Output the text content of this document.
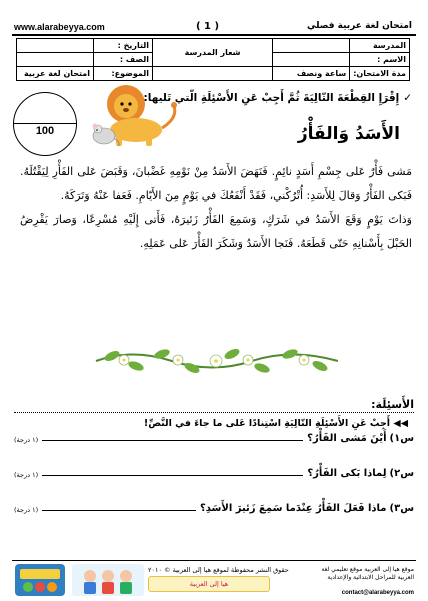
www.alarabeyya.com	( 1 )	امتحان لغة عربية فصلي
المدرسة		شعار المدرسة	التاريخ :	
الاسم :			الصف :	
مدة الامتحان:	ساعة ونصف		الموضوع:	امتحان لغة عربية
100
✓إِقْرَإِ القِطْعَةَ التّالِيَةَ ثُمَّ أَجِبْ عَنِ الأَسْئِلَةِ الّتي تَليها:
الأَسَدُ وَالفَأْرُ
مَشى فَأْرٌ عَلى جِسْمِ أَسَدٍ نائِمٍ. فَنَهَضَ الأَسَدُ مِنْ نَوْمِهِ غَضْبانَ، وَقَبَضَ عَلى الفَأْرِ لِيَقْتُلَهُ. فَبَكى الفَأْرُ وَقالَ لِلأَسَدِ: أُتْرُكْني، فَقَدْ أَنْفَعُكَ في يَوْمٍ مِنَ الأَيّامِ. فَعَفا عَنْهُ وَتَرَكَهُ.
وَذاتَ يَوْمٍ وَقَعَ الأَسَدُ في شَرَكٍ، وَسَمِعَ الفَأْرُ زَئيرَهُ، فَأَتى إِلَيْهِ مُسْرِعًا، وَصارَ يَقْرِضُ الحَبْلَ بِأَسْنانِهِ حَتّى قَطَعَهُ. فَنَجا الأَسَدُ وَشَكَرَ الفَأْرَ عَلى عَمَلِهِ.
الأَسئِلَة:
◀◀ أَجِبْ عَنِ الأَسْئِلَةِ التّالِيَةِ اسْتِنادًا عَلى ما جاءَ في النَّصِّ!
س١)
أَيْنَ مَشى الفَأْرُ؟
(١ درجة)
س٢)
لِماذا بَكى الفَأْرُ؟
(١ درجة)
س٣)
ماذا فَعَلَ الفَأْرُ عِنْدَما سَمِعَ زَئيرَ الأَسَدِ؟
(١ درجة)
حقوق النشر محفوظة لموقع هيا إلى العربية © ٢٠١٠
هيا إلى العربية
موقع هيا إلى العربية موقع تعليمي لغة العربية للمراحل الابتدائية والإعدادية
contact@alarabeyya.com
